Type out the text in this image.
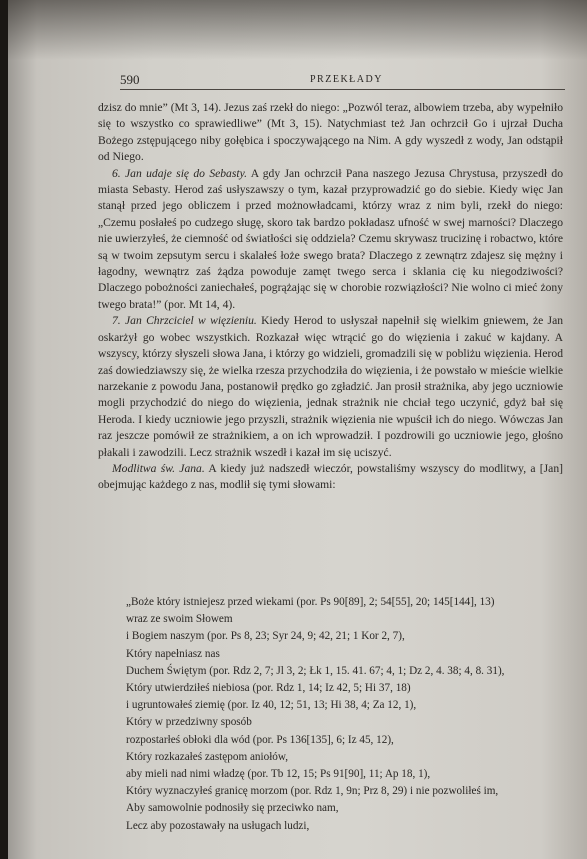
590	PRZEKŁADY

dzisz do mnie” (Mt 3, 14). Jezus zaś rzekł do niego: „Pozwól teraz, albowiem trzeba, aby wypełniło się to wszystko co sprawiedliwe” (Mt 3, 15). Natychmiast też Jan ochrzcił Go i ujrzał Ducha Bożego zstępującego niby gołębica i spoczywającego na Nim. A gdy wyszedł z wody, Jan odstąpił od Niego.

6. Jan udaje się do Sebasty. A gdy Jan ochrzcił Pana naszego Jezusa Chrystusa, przyszedł do miasta Sebasty. Herod zaś usłyszawszy o tym, kazał przyprowadzić go do siebie. Kiedy więc Jan stanął przed jego obliczem i przed możnowładcami, którzy wraz z nim byli, rzekł do niego: „Czemu posłałeś po cudzego sługę, skoro tak bardzo pokładasz ufność w swej marności? Dlaczego nie uwierzyłeś, że ciemność od światłości się oddziela? Czemu skrywasz trucizinę i robactwo, które są w twoim zepsutym sercu i skalałeś łoże swego brata? Dlaczego z zewnątrz zdajesz się mężny i łagodny, wewnątrz zaś żądza powoduje zamęt twego serca i sklania cię ku niegodziwości? Dlaczego pobożności zaniechałeś, pogrążając się w chorobie rozwiązłości? Nie wolno ci mieć żony twego brata!” (por. Mt 14, 4).

7. Jan Chrzciciel w więzieniu. Kiedy Herod to usłyszał napełnił się wielkim gniewem, że Jan oskarżył go wobec wszystkich. Rozkazał więc wtrącić go do więzienia i zakuć w kajdany. A wszyscy, którzy słyszeli słowa Jana, i którzy go widzieli, gromadzili się w pobliżu więzienia. Herod zaś dowiedziawszy się, że wielka rzesza przychodziła do więzienia, i że powstało w mieście wielkie narzekanie z powodu Jana, postanowił prędko go zgładzić. Jan prosił strażnika, aby jego uczniowie mogli przychodzić do niego do więzienia, jednak strażnik nie chciał tego uczynić, gdyż bał się Heroda. I kiedy uczniowie jego przyszli, strażnik więzienia nie wpuścił ich do niego. Wówczas Jan raz jeszcze pomówił ze strażnikiem, a on ich wprowadził. I pozdrowili go uczniowie jego, głośno płakali i zawodzili. Lecz strażnik wszedł i kazał im się uciszyć.

Modlitwa św. Jana. A kiedy już nadszedł wieczór, powstaliśmy wszyscy do modlitwy, a [Jan] obejmując każdego z nas, modlił się tymi słowami:

„Boże który istniejesz przed wiekami (por. Ps 90[89], 2; 54[55], 20; 145[144], 13)
wraz ze swoim Słowem
i Bogiem naszym (por. Ps 8, 23; Syr 24, 9; 42, 21; 1 Kor 2, 7),
Który napełniasz nas
Duchem Świętym (por. Rdz 2, 7; Jl 3, 2; Łk 1, 15. 41. 67; 4, 1; Dz 2, 4. 38; 4, 8. 31),
Który utwierdziłeś niebiosa (por. Rdz 1, 14; Iz 42, 5; Hi 37, 18)
i ugruntowałeś ziemię (por. Iz 40, 12; 51, 13; Hi 38, 4; Za 12, 1),
Który w przedziwny sposób
rozpostarłeś obłoki dla wód (por. Ps 136[135], 6; Iz 45, 12),
Który rozkazałeś zastępom aniołów,
aby mieli nad nimi władzę (por. Tb 12, 15; Ps 91[90], 11; Ap 18, 1),
Który wyznaczyłeś granicę morzom (por. Rdz 1, 9n; Prz 8, 29) i nie pozwoliłeś im,
Aby samowolnie podnosiły się przeciwko nam,
Lecz aby pozostawały na usługach ludzi,
